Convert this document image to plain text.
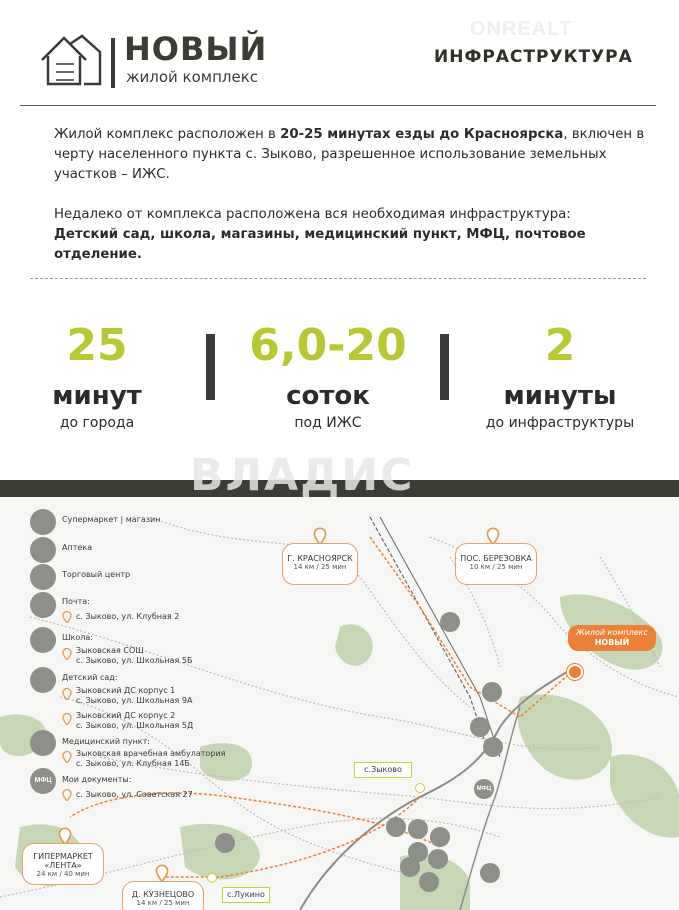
НОВЫЙ
жилой комплекс
ONREALT
ИНФРАСТРУКТУРА
Жилой комплекс расположен в 20-25 минутах езды до Красноярска, включен в черту населенного пункта с. Зыково, разрешенное использование земельных участков – ИЖС.
Недалеко от комплекса расположена вся необходимая инфраструктура:
Детский сад, школа, магазины, медицинский пункт, МФЦ, почтовое отделение.
25
минут
до города
6,0-20
соток
под ИЖС
2
минуты
до инфраструктуры
Супермаркет | магазин
Аптека
Торговый центр
Почта:
с. Зыково, ул. Клубная 2
Школа:
Зыковская СОШ
с. Зыково, ул. Школьная 5Б
Детский сад:
Зыковский ДС корпус 1
с. Зыково, ул. Школьная 9А
Зыковский ДС корпус 2
с. Зыково, ул. Школьная 5Д
Медицинский пункт:
Зыковская врачебная амбулатория
с. Зыково, ул. Клубная 14Б
МФЦ	Мои документы:
с. Зыково, ул. Советская 27
Г. КРАСНОЯРСК
14 км / 25 мин
ПОС. БЕРЕЗОВКА
10 км / 25 мин
Жилой комплекс
НОВЫЙ
с.Зыково
МФЦ
ГИПЕРМАРКЕТ
«ЛЕНТА»
24 км / 40 мин
Д. КУЗНЕЦОВО
14 км / 25 мин
с.Лукино
ВЛАДИС
